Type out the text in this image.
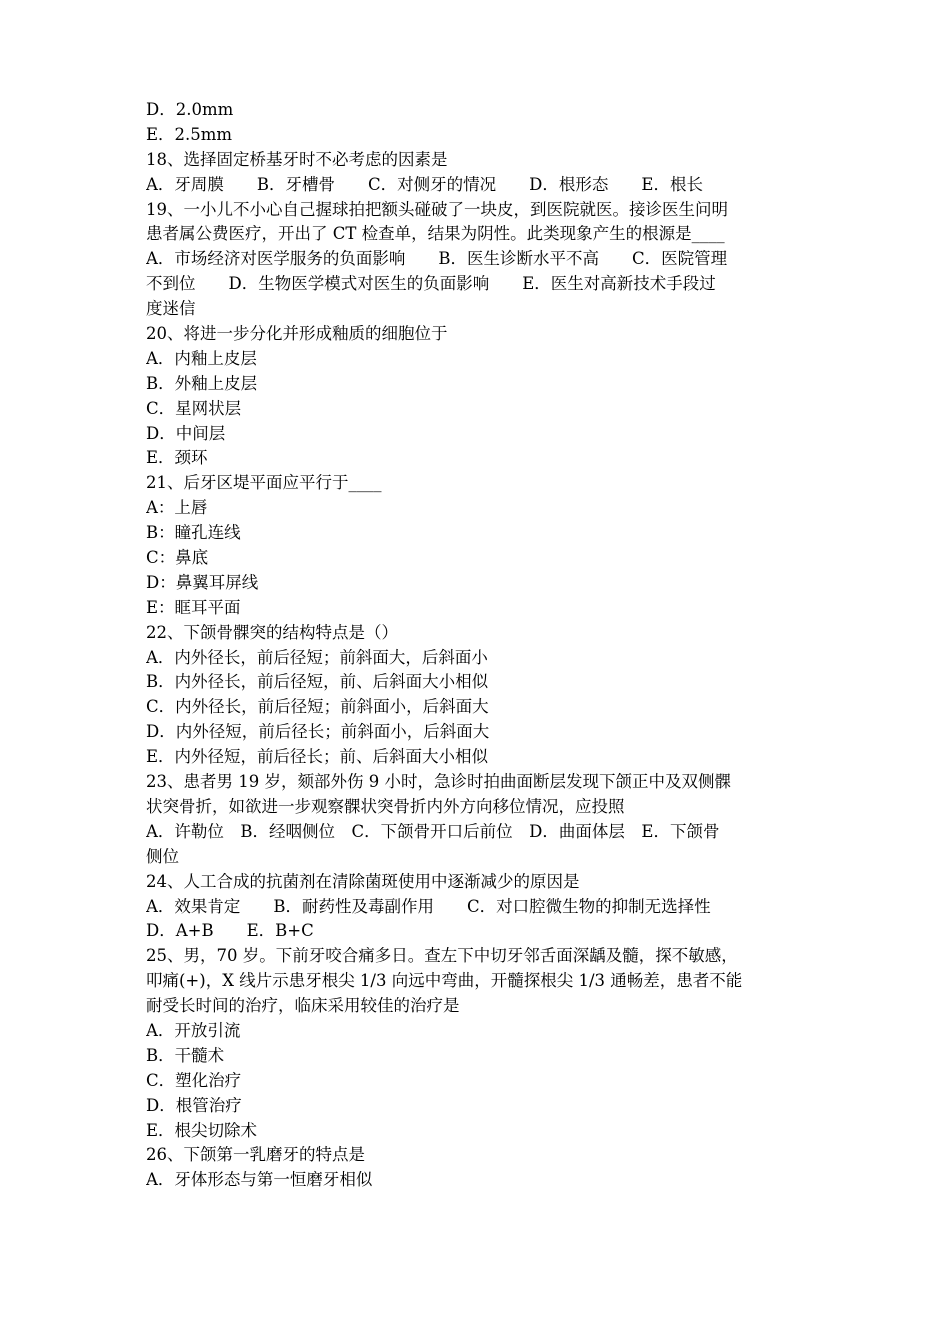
D．2.0mm
E．2.5mm
18、选择固定桥基牙时不必考虑的因素是
A．牙周膜　　B．牙槽骨　　C．对侧牙的情况　　D．根形态　　E．根长
19、一小儿不小心自己握球拍把额头碰破了一块皮，到医院就医。接诊医生问明
患者属公费医疗，开出了 CT 检查单，结果为阴性。此类现象产生的根源是____
A．市场经济对医学服务的负面影响　　B．医生诊断水平不高　　C．医院管理
不到位　　D．生物医学模式对医生的负面影响　　E．医生对高新技术手段过
度迷信
20、将进一步分化并形成釉质的细胞位于
A．内釉上皮层
B．外釉上皮层
C．星网状层
D．中间层
E．颈环
21、后牙区堤平面应平行于____
A：上唇
B：瞳孔连线
C：鼻底
D：鼻翼耳屏线
E：眶耳平面
22、下颌骨髁突的结构特点是（）
A．内外径长，前后径短；前斜面大，后斜面小
B．内外径长，前后径短，前、后斜面大小相似
C．内外径长，前后径短；前斜面小，后斜面大
D．内外径短，前后径长；前斜面小，后斜面大
E．内外径短，前后径长；前、后斜面大小相似
23、患者男 19 岁，颏部外伤 9 小时，急诊时拍曲面断层发现下颌正中及双侧髁
状突骨折，如欲进一步观察髁状突骨折内外方向移位情况，应投照
A．许勒位　B．经咽侧位　C．下颌骨开口后前位　D．曲面体层　E．下颌骨
侧位
24、人工合成的抗菌剂在清除菌斑使用中逐渐减少的原因是
A．效果肯定　　B．耐药性及毒副作用　　C．对口腔微生物的抑制无选择性
D．A+B　　E．B+C
25、男，70 岁。下前牙咬合痛多日。查左下中切牙邻舌面深龋及髓，探不敏感，
叩痛(+)，X 线片示患牙根尖 1/3 向远中弯曲，开髓探根尖 1/3 通畅差，患者不能
耐受长时间的治疗，临床采用较佳的治疗是
A．开放引流
B．干髓术
C．塑化治疗
D．根管治疗
E．根尖切除术
26、下颌第一乳磨牙的特点是
A．牙体形态与第一恒磨牙相似
